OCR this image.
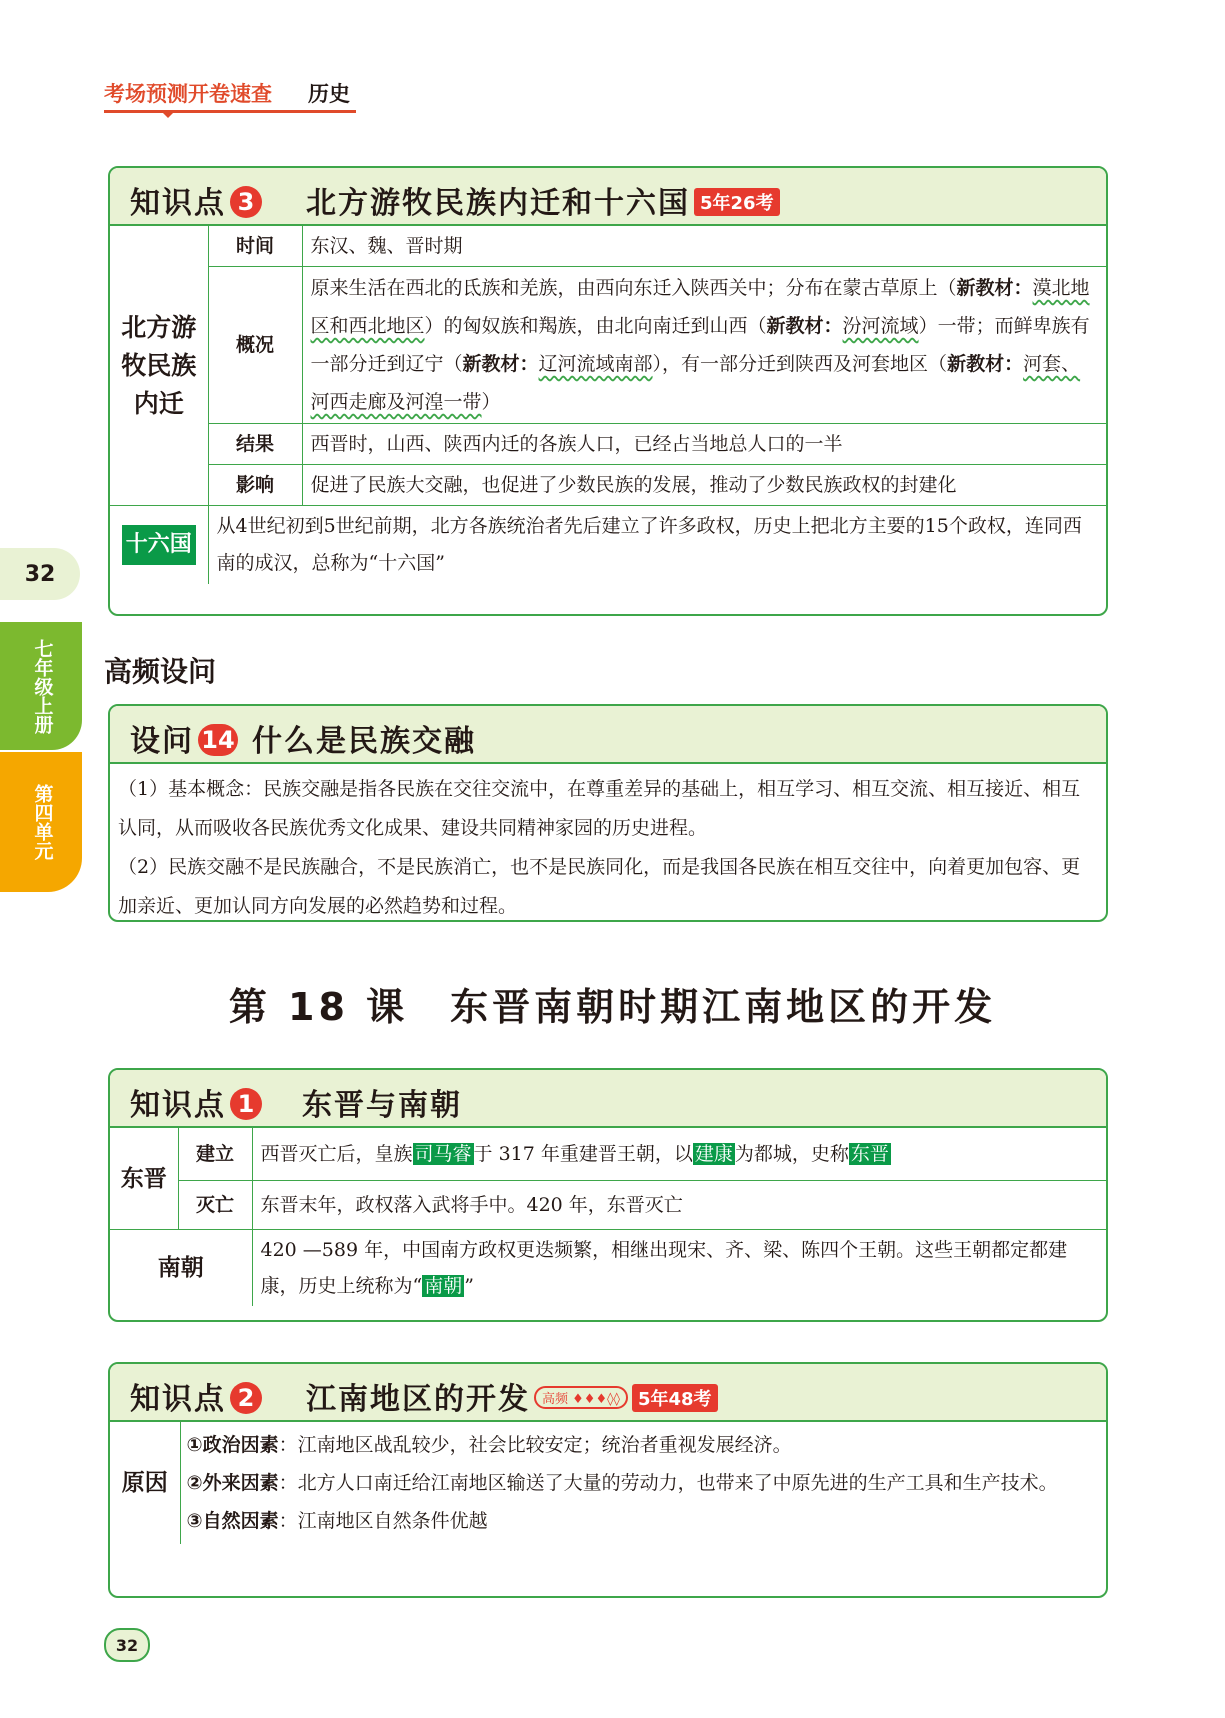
考场预测开卷速查 历史
32
七年级上册
第四单元
知识点 3 北方游牧民族内迁和十六国 5年26考
北方游牧民族内迁	时间	东汉、魏、晋时期
	概况	原来生活在西北的氐族和羌族，由西向东迁入陕西关中；分布在蒙古草原上（新教材：漠北地区和西北地区）的匈奴族和羯族，由北向南迁到山西（新教材：汾河流域）一带；而鲜卑族有一部分迁到辽宁（新教材：辽河流域南部），有一部分迁到陕西及河套地区（新教材：河套、河西走廊及河湟一带）
	结果	西晋时，山西、陕西内迁的各族人口，已经占当地总人口的一半
	影响	促进了民族大交融，也促进了少数民族的发展，推动了少数民族政权的封建化
十六国	从4世纪初到5世纪前期，北方各族统治者先后建立了许多政权，历史上把北方主要的15个政权，连同西南的成汉，总称为“十六国”	
高频设问
设问 14 什么是民族交融
（1）基本概念：民族交融是指各民族在交往交流中，在尊重差异的基础上，相互学习、相互交流、相互接近、相互认同，从而吸收各民族优秀文化成果、建设共同精神家园的历史进程。
（2）民族交融不是民族融合，不是民族消亡，也不是民族同化，而是我国各民族在相互交往中，向着更加包容、更加亲近、更加认同方向发展的必然趋势和过程。
第 18 课　东晋南朝时期江南地区的开发
知识点 1 东晋与南朝
东晋	建立	西晋灭亡后，皇族 司马睿 于 317 年重建晋王朝，以 建康 为都城，史称 东晋
	灭亡	东晋末年，政权落入武将手中。420 年，东晋灭亡
南朝		420 —589 年，中国南方政权更迭频繁，相继出现宋、齐、梁、陈四个王朝。这些王朝都定都建康，历史上统称为“ 南朝 ”
知识点 2 江南地区的开发 高频 ♦♦♦◊◊ 5年48考
原因	
①政治因素：江南地区战乱较少，社会比较安定；统治者重视发展经济。
②外来因素：北方人口南迁给江南地区输送了大量的劳动力，也带来了中原先进的生产工具和生产技术。
③自然因素：江南地区自然条件优越
32
